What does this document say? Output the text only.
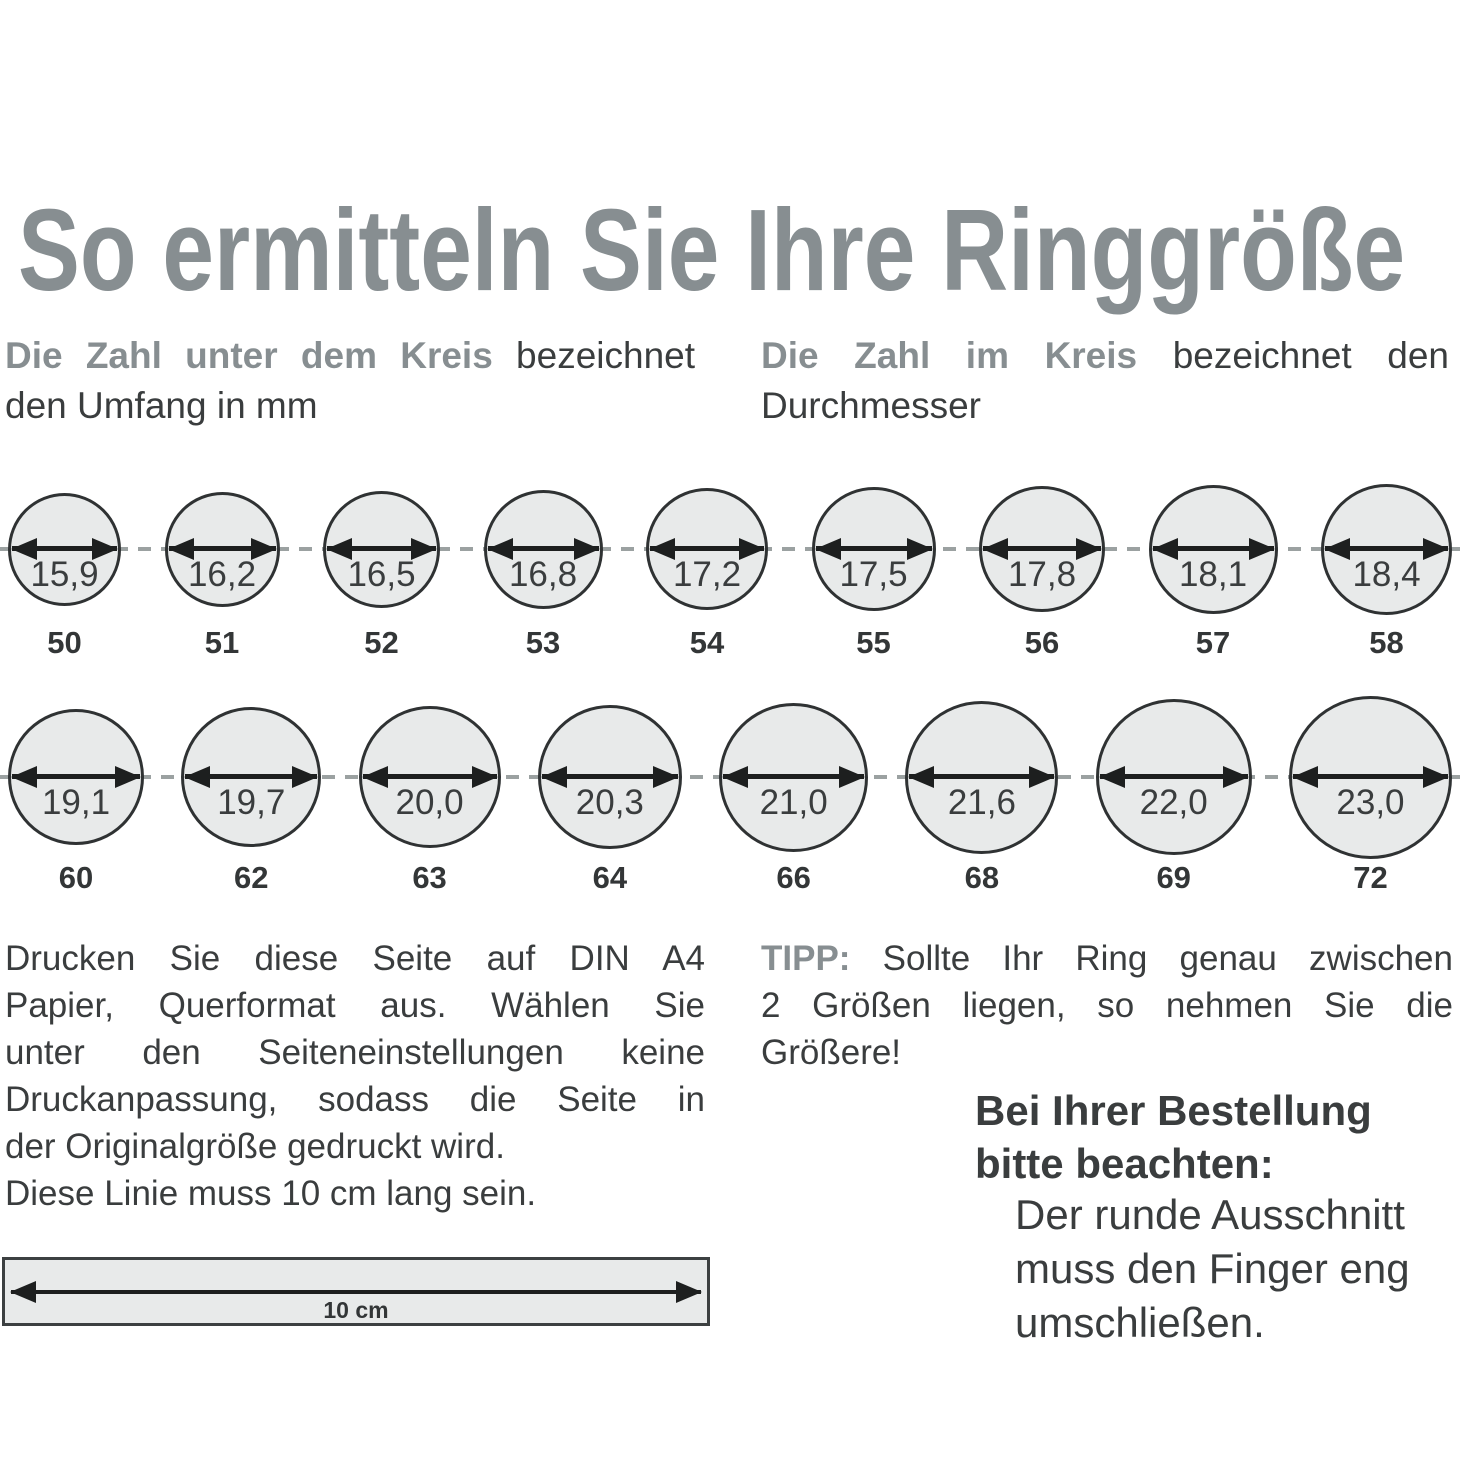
So ermitteln Sie Ihre Ringgröße
Die Zahl unter dem Kreis bezeichnet
den Umfang in mm
Die Zahl im Kreis bezeichnet den
Durchmesser
15,9
50
16,2
51
16,5
52
16,8
53
17,2
54
17,5
55
17,8
56
18,1
57
18,4
58
19,1
60
19,7
62
20,0
63
20,3
64
21,0
66
21,6
68
22,0
69
23,0
72
Drucken Sie diese Seite auf DIN A4
Papier, Querformat aus. Wählen Sie
unter den Seiteneinstellungen keine
Druckanpassung, sodass die Seite in
der Originalgröße gedruckt wird.
Diese Linie muss 10 cm lang sein.
TIPP: Sollte Ihr Ring genau zwischen
2 Größen liegen, so nehmen Sie die
Größere!
Bei Ihrer Bestellung
bitte beachten:
Der runde Ausschnitt
muss den Finger eng
umschließen.
10 cm
